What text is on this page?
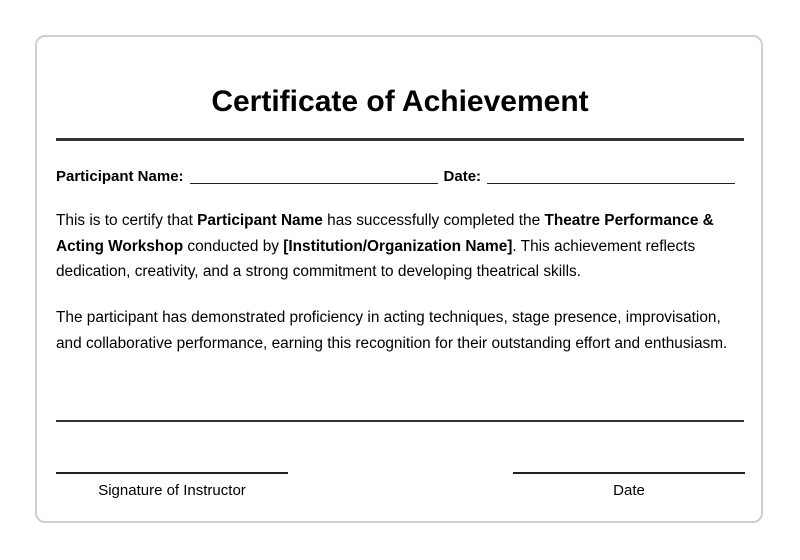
Certificate of Achievement
Participant Name:	Date:

This is to certify that Participant Name has successfully completed the Theatre Performance & Acting Workshop conducted by [Institution/Organization Name]. This achievement reflects dedication, creativity, and a strong commitment to developing theatrical skills.

The participant has demonstrated proficiency in acting techniques, stage presence, improvisation, and collaborative performance, earning this recognition for their outstanding effort and enthusiasm.

Signature of Instructor	Date
